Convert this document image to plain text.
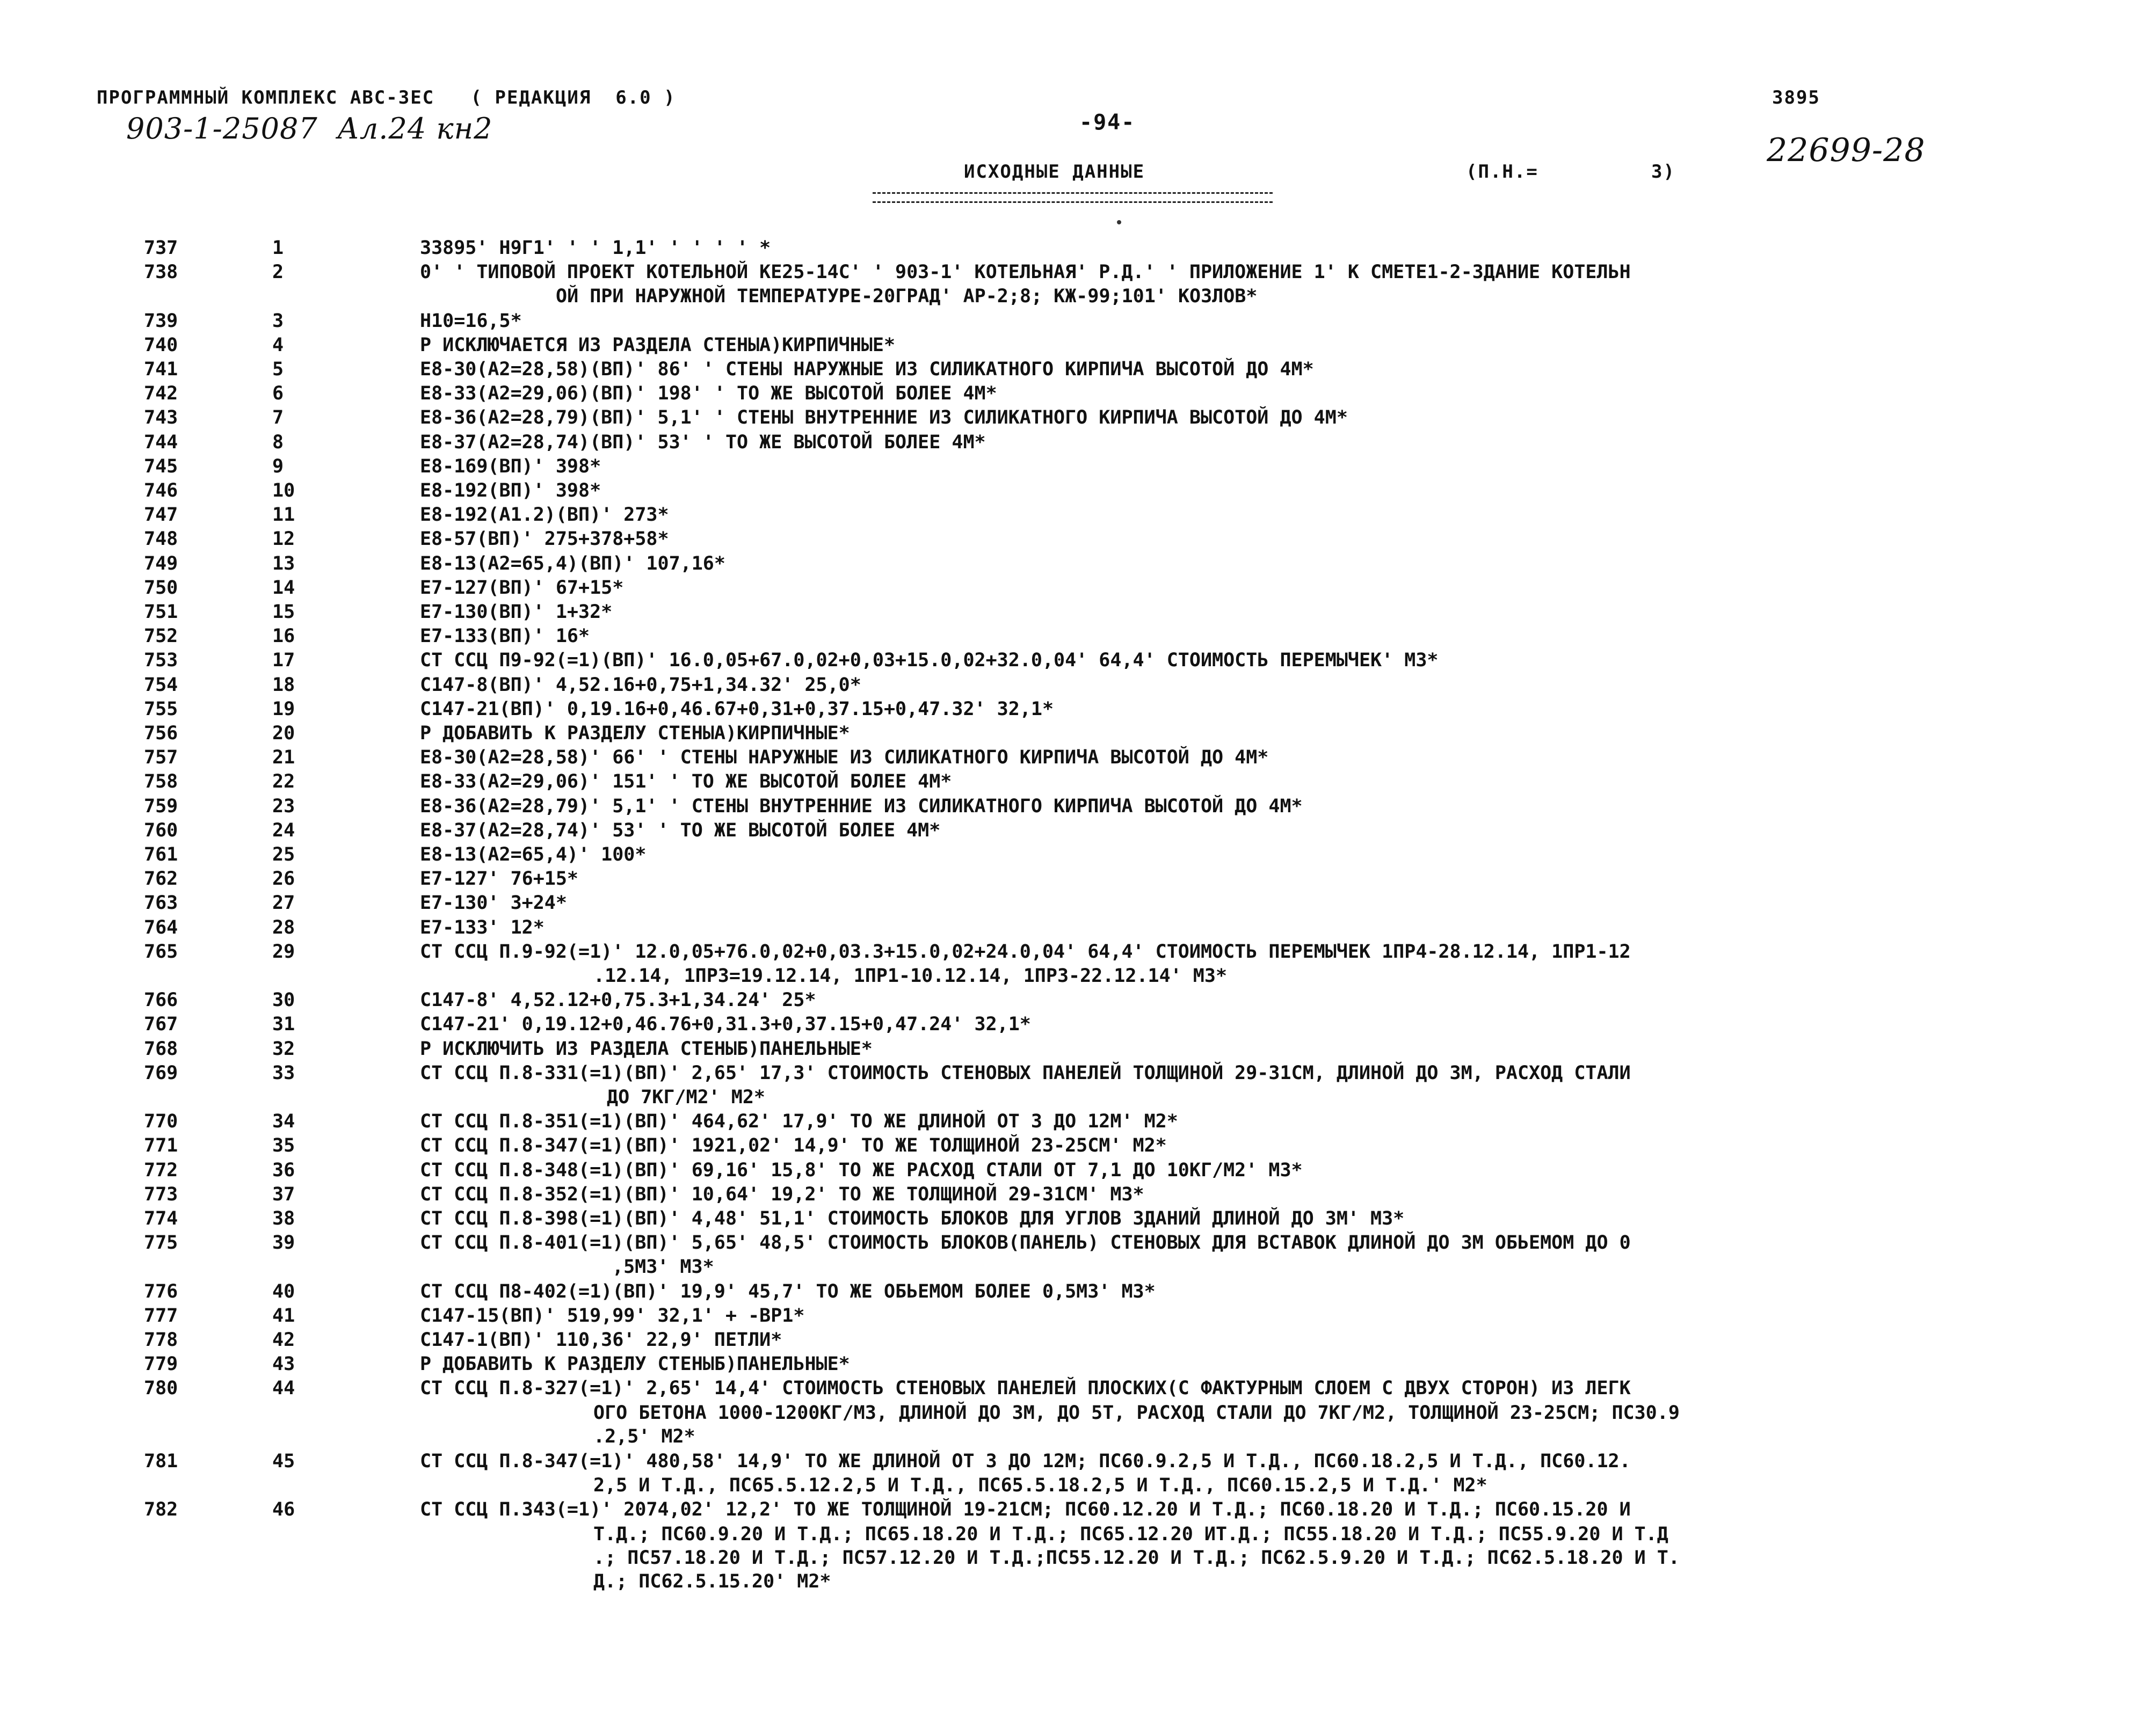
ПРОГРАММНЫЙ КОМПЛЕКС АВС-3ЕС   ( РЕДАКЦИЯ  6.0 )
-94-
3895
903-1-25087  Ал.24 кн2
22699-28
ИСХОДНЫЕ ДАННЫЕ	(П.Н.=	3)
737	1	33895' Н9Г1' ' ' 1,1' ' ' ' ' *
738	2	0' ' ТИПОВОЙ ПРОЕКТ КОТЕЛЬНОЙ КЕ25-14С' ' 903-1' КОТЕЛЬНАЯ' Р.Д.' ' ПРИЛОЖЕНИЕ 1' К СМЕТЕ1-2-ЗДАНИЕ КОТЕЛЬН
ОЙ ПРИ НАРУЖНОЙ ТЕМПЕРАТУРЕ-20ГРАД' АР-2;8; КЖ-99;101' КОЗЛОВ*
739	3	Н10=16,5*
740	4	Р ИСКЛЮЧАЕТСЯ ИЗ РАЗДЕЛА СТЕНЫА)КИРПИЧНЫЕ*
741	5	Е8-30(А2=28,58)(ВП)' 86' ' СТЕНЫ НАРУЖНЫЕ ИЗ СИЛИКАТНОГО КИРПИЧА ВЫСОТОЙ ДО 4М*
742	6	Е8-33(А2=29,06)(ВП)' 198' ' ТО ЖЕ ВЫСОТОЙ БОЛЕЕ 4М*
743	7	Е8-36(А2=28,79)(ВП)' 5,1' ' СТЕНЫ ВНУТРЕННИЕ ИЗ СИЛИКАТНОГО КИРПИЧА ВЫСОТОЙ ДО 4М*
744	8	Е8-37(А2=28,74)(ВП)' 53' ' ТО ЖЕ ВЫСОТОЙ БОЛЕЕ 4М*
745	9	Е8-169(ВП)' 398*
746	10	Е8-192(ВП)' 398*
747	11	Е8-192(А1.2)(ВП)' 273*
748	12	Е8-57(ВП)' 275+378+58*
749	13	Е8-13(А2=65,4)(ВП)' 107,16*
750	14	Е7-127(ВП)' 67+15*
751	15	Е7-130(ВП)' 1+32*
752	16	Е7-133(ВП)' 16*
753	17	СТ ССЦ П9-92(=1)(ВП)' 16.0,05+67.0,02+0,03+15.0,02+32.0,04' 64,4' СТОИМОСТЬ ПЕРЕМЫЧЕК' М3*
754	18	С147-8(ВП)' 4,52.16+0,75+1,34.32' 25,0*
755	19	С147-21(ВП)' 0,19.16+0,46.67+0,31+0,37.15+0,47.32' 32,1*
756	20	Р ДОБАВИТЬ К РАЗДЕЛУ СТЕНЫА)КИРПИЧНЫЕ*
757	21	Е8-30(А2=28,58)' 66' ' СТЕНЫ НАРУЖНЫЕ ИЗ СИЛИКАТНОГО КИРПИЧА ВЫСОТОЙ ДО 4М*
758	22	Е8-33(А2=29,06)' 151' ' ТО ЖЕ ВЫСОТОЙ БОЛЕЕ 4М*
759	23	Е8-36(А2=28,79)' 5,1' ' СТЕНЫ ВНУТРЕННИЕ ИЗ СИЛИКАТНОГО КИРПИЧА ВЫСОТОЙ ДО 4М*
760	24	Е8-37(А2=28,74)' 53' ' ТО ЖЕ ВЫСОТОЙ БОЛЕЕ 4М*
761	25	Е8-13(А2=65,4)' 100*
762	26	Е7-127' 76+15*
763	27	Е7-130' 3+24*
764	28	Е7-133' 12*
765	29	СТ ССЦ П.9-92(=1)' 12.0,05+76.0,02+0,03.3+15.0,02+24.0,04' 64,4' СТОИМОСТЬ ПЕРЕМЫЧЕК 1ПР4-28.12.14, 1ПР1-12
.12.14, 1ПР3=19.12.14, 1ПР1-10.12.14, 1ПР3-22.12.14' М3*
766	30	С147-8' 4,52.12+0,75.3+1,34.24' 25*
767	31	С147-21' 0,19.12+0,46.76+0,31.3+0,37.15+0,47.24' 32,1*
768	32	Р ИСКЛЮЧИТЬ ИЗ РАЗДЕЛА СТЕНЫБ)ПАНЕЛЬНЫЕ*
769	33	СТ ССЦ П.8-331(=1)(ВП)' 2,65' 17,3' СТОИМОСТЬ СТЕНОВЫХ ПАНЕЛЕЙ ТОЛЩИНОЙ 29-31СМ, ДЛИНОЙ ДО 3М, РАСХОД СТАЛИ
ДО 7КГ/М2' М2*
770	34	СТ ССЦ П.8-351(=1)(ВП)' 464,62' 17,9' ТО ЖЕ ДЛИНОЙ ОТ 3 ДО 12М' М2*
771	35	СТ ССЦ П.8-347(=1)(ВП)' 1921,02' 14,9' ТО ЖЕ ТОЛЩИНОЙ 23-25СМ' М2*
772	36	СТ ССЦ П.8-348(=1)(ВП)' 69,16' 15,8' ТО ЖЕ РАСХОД СТАЛИ ОТ 7,1 ДО 10КГ/М2' М3*
773	37	СТ ССЦ П.8-352(=1)(ВП)' 10,64' 19,2' ТО ЖЕ ТОЛЩИНОЙ 29-31СМ' М3*
774	38	СТ ССЦ П.8-398(=1)(ВП)' 4,48' 51,1' СТОИМОСТЬ БЛОКОВ ДЛЯ УГЛОВ ЗДАНИЙ ДЛИНОЙ ДО 3М' М3*
775	39	СТ ССЦ П.8-401(=1)(ВП)' 5,65' 48,5' СТОИМОСТЬ БЛОКОВ(ПАНЕЛЬ) СТЕНОВЫХ ДЛЯ ВСТАВОК ДЛИНОЙ ДО 3М ОБЬЕМОМ ДО 0
,5М3' М3*
776	40	СТ ССЦ П8-402(=1)(ВП)' 19,9' 45,7' ТО ЖЕ ОБЬЕМОМ БОЛЕЕ 0,5М3' М3*
777	41	С147-15(ВП)' 519,99' 32,1' + -ВР1*
778	42	С147-1(ВП)' 110,36' 22,9' ПЕТЛИ*
779	43	Р ДОБАВИТЬ К РАЗДЕЛУ СТЕНЫБ)ПАНЕЛЬНЫЕ*
780	44	СТ ССЦ П.8-327(=1)' 2,65' 14,4' СТОИМОСТЬ СТЕНОВЫХ ПАНЕЛЕЙ ПЛОСКИХ(С ФАКТУРНЫМ СЛОЕМ С ДВУХ СТОРОН) ИЗ ЛЕГК
ОГО БЕТОНА 1000-1200КГ/М3, ДЛИНОЙ ДО 3М, ДО 5Т, РАСХОД СТАЛИ ДО 7КГ/М2, ТОЛЩИНОЙ 23-25СМ; ПС30.9
.2,5' М2*
781	45	СТ ССЦ П.8-347(=1)' 480,58' 14,9' ТО ЖЕ ДЛИНОЙ ОТ 3 ДО 12М; ПС60.9.2,5 И Т.Д., ПС60.18.2,5 И Т.Д., ПС60.12.
2,5 И Т.Д., ПС65.5.12.2,5 И Т.Д., ПС65.5.18.2,5 И Т.Д., ПС60.15.2,5 И Т.Д.' М2*
782	46	СТ ССЦ П.343(=1)' 2074,02' 12,2' ТО ЖЕ ТОЛЩИНОЙ 19-21СМ; ПС60.12.20 И Т.Д.; ПС60.18.20 И Т.Д.; ПС60.15.20 И
Т.Д.; ПС60.9.20 И Т.Д.; ПС65.18.20 И Т.Д.; ПС65.12.20 ИТ.Д.; ПС55.18.20 И Т.Д.; ПС55.9.20 И Т.Д
.; ПС57.18.20 И Т.Д.; ПС57.12.20 И Т.Д.;ПС55.12.20 И Т.Д.; ПС62.5.9.20 И Т.Д.; ПС62.5.18.20 И Т.
Д.; ПС62.5.15.20' М2*
